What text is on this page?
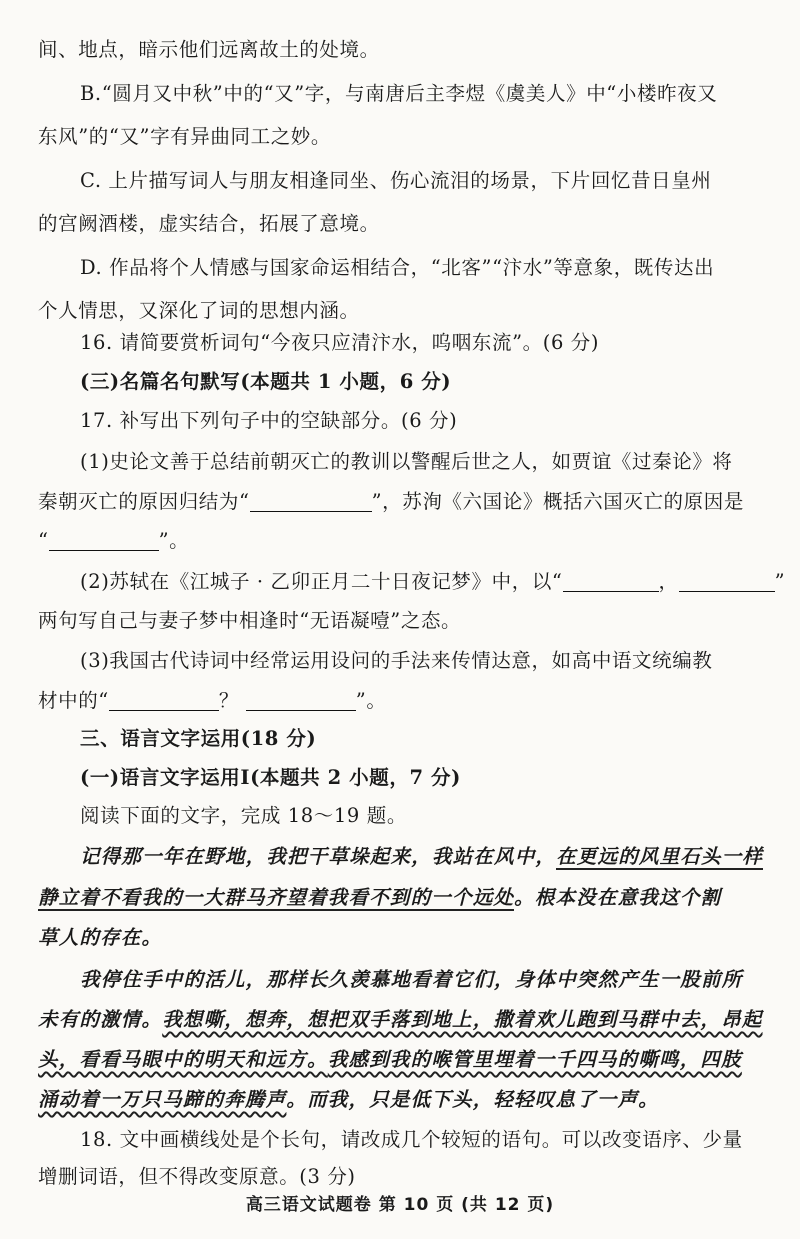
间、地点，暗示他们远离故土的处境。
B.“圆月又中秋”中的“又”字，与南唐后主李煜《虞美人》中“小楼昨夜又
东风”的“又”字有异曲同工之妙。
C. 上片描写词人与朋友相逢同坐、伤心流泪的场景，下片回忆昔日皇州
的宫阙酒楼，虚实结合，拓展了意境。
D. 作品将个人情感与国家命运相结合，“北客”“汴水”等意象，既传达出
个人情思，又深化了词的思想内涵。
16. 请简要赏析词句“今夜只应清汴水，呜咽东流”。(6 分)
(三)名篇名句默写(本题共 1 小题，6 分)
17. 补写出下列句子中的空缺部分。(6 分)
(1)史论文善于总结前朝灭亡的教训以警醒后世之人，如贾谊《过秦论》将
秦朝灭亡的原因归结为“	”，苏洵《六国论》概括六国灭亡的原因是
“	”。
(2)苏轼在《江城子 · 乙卯正月二十日夜记梦》中，以“	，	”
两句写自己与妻子梦中相逢时“无语凝噎”之态。
(3)我国古代诗词中经常运用设问的手法来传情达意，如高中语文统编教
材中的“	？	”。
三、语言文字运用(18 分)
(一)语言文字运用Ⅰ(本题共 2 小题，7 分)
阅读下面的文字，完成 18～19 题。
记得那一年在野地，我把干草垛起来，我站在风中，在更远的风里石头一样
静立着不看我的一大群马齐望着我看不到的一个远处。根本没在意我这个割
草人的存在。
我停住手中的活儿，那样长久羡慕地看着它们，身体中突然产生一股前所
未有的激情。我想嘶，想奔，想把双手落到地上，撒着欢儿跑到马群中去，昂起
头，看看马眼中的明天和远方。我感到我的喉管里埋着一千四马的嘶鸣，四肢
涌动着一万只马蹄的奔腾声。而我，只是低下头，轻轻叹息了一声。
18. 文中画横线处是个长句，请改成几个较短的语句。可以改变语序、少量
增删词语，但不得改变原意。(3 分)
高三语文试题卷 第 10 页 (共 12 页)
